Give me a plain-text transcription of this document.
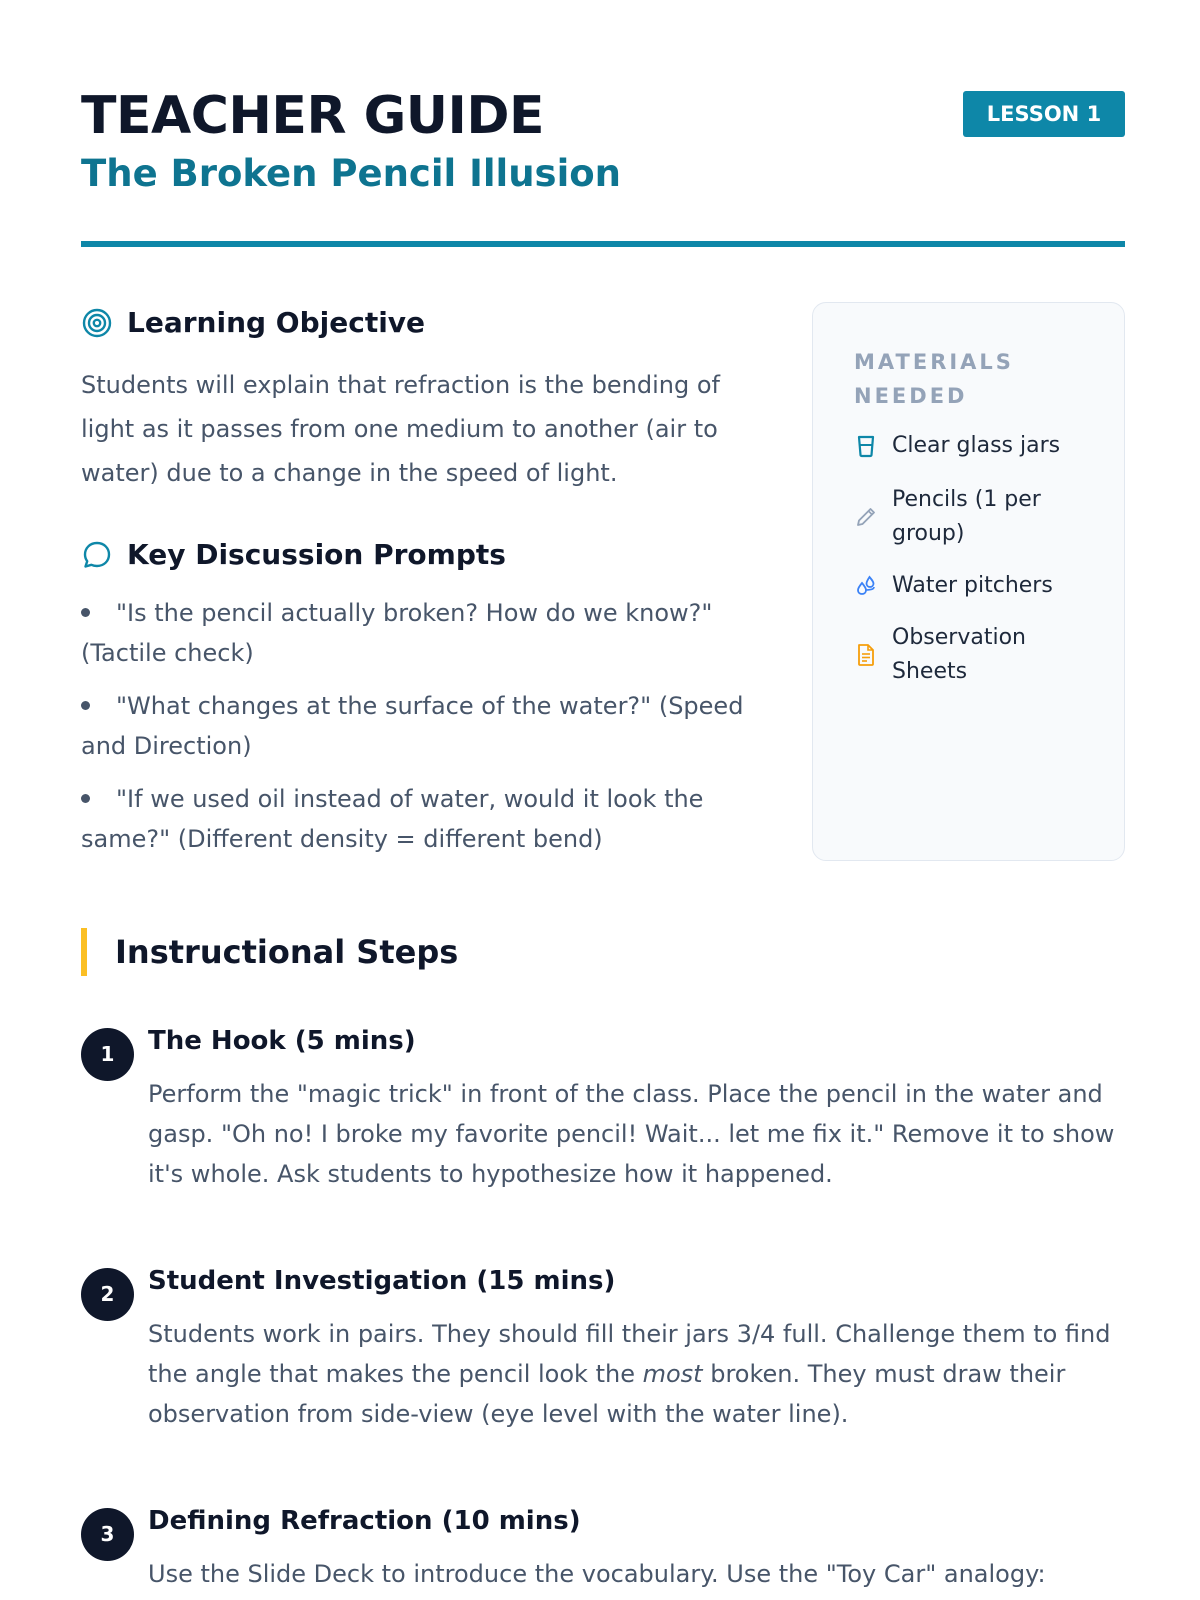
TEACHER GUIDE
The Broken Pencil Illusion
LESSON 1
Learning Objective

Students will explain that refraction is the bending of light as it passes from one medium to another (air to water) due to a change in the speed of light.

Key Discussion Prompts
"Is the pencil actually broken? How do we know?" (Tactile check)
"What changes at the surface of the water?" (Speed and Direction)
"If we used oil instead of water, would it look the same?" (Different density = different bend)
MATERIALS NEEDED
Clear glass jars
Pencils (1 per group)
Water pitchers
Observation Sheets
Instructional Steps
1	The Hook (5 mins)

Perform the "magic trick" in front of the class. Place the pencil in the water and gasp. "Oh no! I broke my favorite pencil! Wait... let me fix it." Remove it to show it's whole. Ask students to hypothesize how it happened.

2	Student Investigation (15 mins)

Students work in pairs. They should fill their jars 3/4 full. Challenge them to find the angle that makes the pencil look the most broken. They must draw their observation from side-view (eye level with the water line).

3	Defining Refraction (10 mins)

Use the Slide Deck to introduce the vocabulary. Use the "Toy Car" analogy:
